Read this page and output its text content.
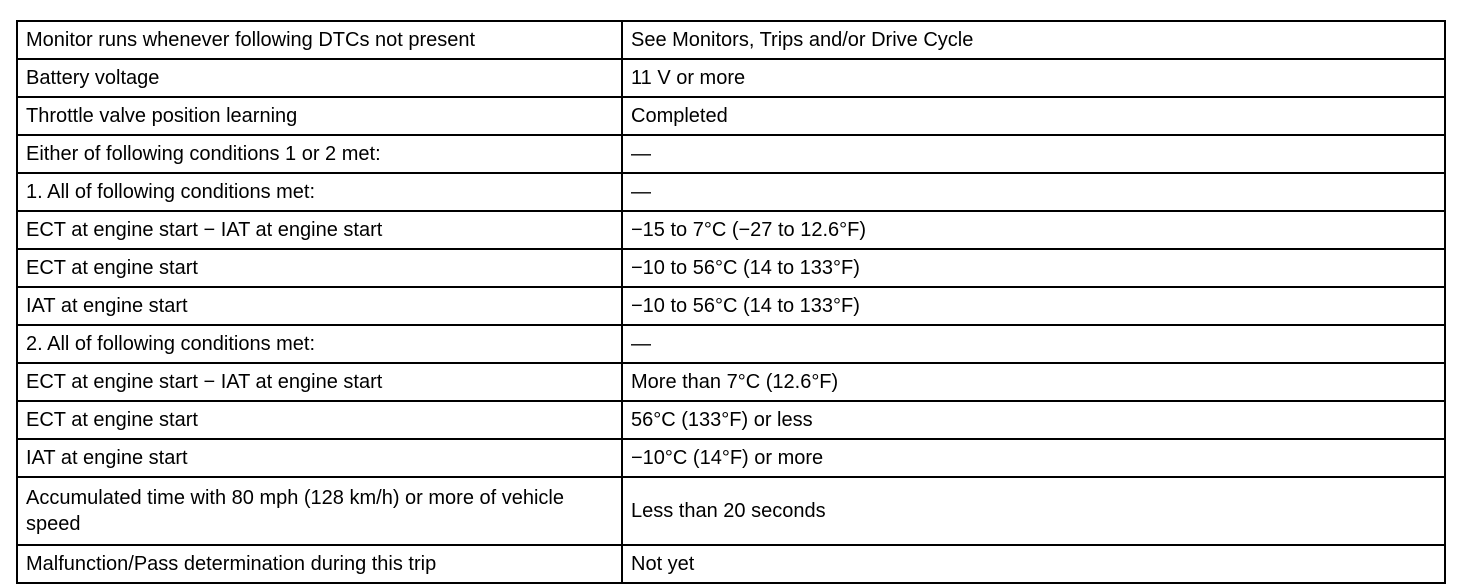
Monitor runs whenever following DTCs not present	See Monitors, Trips and/or Drive Cycle
Battery voltage	11 V or more
Throttle valve position learning	Completed
Either of following conditions 1 or 2 met:	—
1. All of following conditions met:	—
ECT at engine start − IAT at engine start	−15 to 7°C (−27 to 12.6°F)
ECT at engine start	−10 to 56°C (14 to 133°F)
IAT at engine start	−10 to 56°C (14 to 133°F)
2. All of following conditions met:	—
ECT at engine start − IAT at engine start	More than 7°C (12.6°F)
ECT at engine start	56°C (133°F) or less
IAT at engine start	−10°C (14°F) or more
Accumulated time with 80 mph (128 km/h) or more of vehicle speed	Less than 20 seconds
Malfunction/Pass determination during this trip	Not yet
